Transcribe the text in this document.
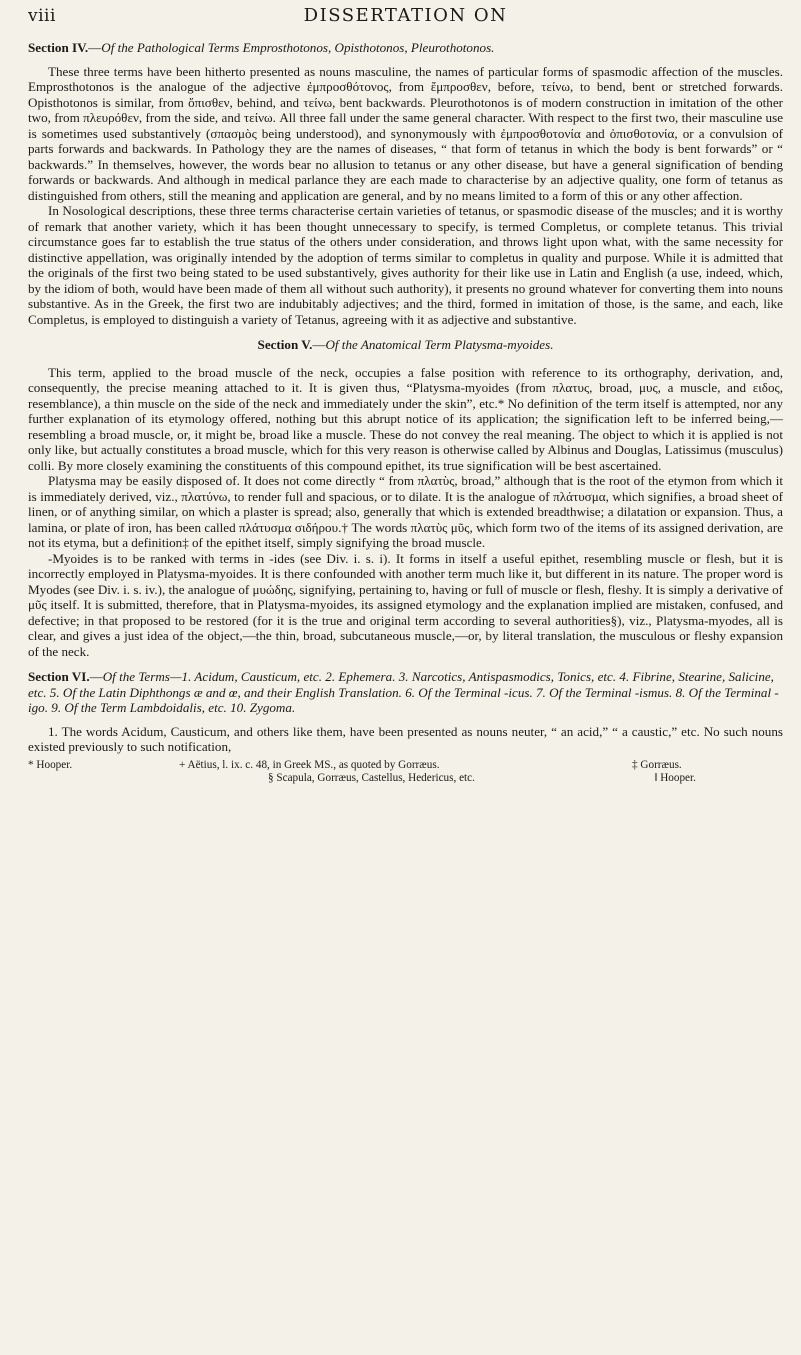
viii	DISSERTATION ON
Section IV.—Of the Pathological Terms Emprosthotonos, Opisthotonos, Pleurothotonos.

These three terms have been hitherto presented as nouns masculine, the names of particular forms of spasmodic affection of the muscles. Emprosthotonos is the analogue of the adjective ἐμπροσθότονος, from ἔμπροσθεν, before, τείνω, to bend, bent or stretched forwards. Opisthotonos is similar, from ὄπισθεν, behind, and τείνω, bent backwards. Pleurothotonos is of modern construction in imitation of the other two, from πλευρόθεν, from the side, and τείνω. All three fall under the same general character. With respect to the first two, their masculine use is sometimes used substantively (σπασμὸς being understood), and synonymously with ἐμπροσθοτονία and ὀπισθοτονία, or a convulsion of parts forwards and backwards. In Pathology they are the names of diseases, “ that form of tetanus in which the body is bent forwards” or “ backwards.” In themselves, however, the words bear no allusion to tetanus or any other disease, but have a general signification of bending forwards or backwards. And although in medical parlance they are each made to characterise by an adjective quality, one form of tetanus as distinguished from others, still the meaning and application are general, and by no means limited to a form of this or any other affection.

In Nosological descriptions, these three terms characterise certain varieties of tetanus, or spasmodic disease of the muscles; and it is worthy of remark that another variety, which it has been thought unnecessary to specify, is termed Completus, or complete tetanus. This trivial circumstance goes far to establish the true status of the others under consideration, and throws light upon what, with the same necessity for distinctive appellation, was originally intended by the adoption of terms similar to completus in quality and purpose. While it is admitted that the originals of the first two being stated to be used substantively, gives authority for their like use in Latin and English (a use, indeed, which, by the idiom of both, would have been made of them all without such authority), it presents no ground whatever for converting them into nouns substantive. As in the Greek, the first two are indubitably adjectives; and the third, formed in imitation of those, is the same, and each, like Completus, is employed to distinguish a variety of Tetanus, agreeing with it as adjective and substantive.

Section V.—Of the Anatomical Term Platysma-myoides.

This term, applied to the broad muscle of the neck, occupies a false position with reference to its orthography, derivation, and, consequently, the precise meaning attached to it. It is given thus, “Platysma-myoides (from πλατυς, broad, μυς, a muscle, and ειδος, resemblance), a thin muscle on the side of the neck and immediately under the skin”, etc.* No definition of the term itself is attempted, nor any further explanation of its etymology offered, nothing but this abrupt notice of its application; the signification left to be inferred being,—resembling a broad muscle, or, it might be, broad like a muscle. These do not convey the real meaning. The object to which it is applied is not only like, but actually constitutes a broad muscle, which for this very reason is otherwise called by Albinus and Douglas, Latissimus (musculus) colli. By more closely examining the constituents of this compound epithet, its true signification will be best ascertained.

Platysma may be easily disposed of. It does not come directly “ from πλατὺς, broad,” although that is the root of the etymon from which it is immediately derived, viz., πλατύνω, to render full and spacious, or to dilate. It is the analogue of πλάτυσμα, which signifies, a broad sheet of linen, or of anything similar, on which a plaster is spread; also, generally that which is extended breadthwise; a dilatation or expansion. Thus, a lamina, or plate of iron, has been called πλάτυσμα σιδήρου.† The words πλατὺς μῦς, which form two of the items of its assigned derivation, are not its etyma, but a definition‡ of the epithet itself, simply signifying the broad muscle.

-Myoides is to be ranked with terms in -ides (see Div. i. s. i). It forms in itself a useful epithet, resembling muscle or flesh, but it is incorrectly employed in Platysma-myoides. It is there confounded with another term much like it, but different in its nature. The proper word is Myodes (see Div. i. s. iv.), the analogue of μυώδης, signifying, pertaining to, having or full of muscle or flesh, fleshy. It is simply a derivative of μῦς itself. It is submitted, therefore, that in Platysma-myoides, its assigned etymology and the explanation implied are mistaken, confused, and defective; in that proposed to be restored (for it is the true and original term according to several authorities§), viz., Platysma-myodes, all is clear, and gives a just idea of the object,—the thin, broad, subcutaneous muscle,—or, by literal translation, the musculous or fleshy expansion of the neck.

Section VI.—Of the Terms—1. Acidum, Causticum, etc. 2. Ephemera. 3. Narcotics, Antispasmodics, Tonics, etc. 4. Fibrine, Stearine, Salicine, etc. 5. Of the Latin Diphthongs æ and œ, and their English Translation. 6. Of the Terminal -icus. 7. Of the Terminal -ismus. 8. Of the Terminal -igo. 9. Of the Term Lambdoidalis, etc. 10. Zygoma.

1. The words Acidum, Causticum, and others like them, have been presented as nouns neuter, “ an acid,” “ a caustic,” etc. No such nouns existed previously to such notification,

* Hooper.	+ Aëtius, l. ix. c. 48, in Greek MS., as quoted by Gorræus.	‡ Gorræus.
§ Scapula, Gorræus, Castellus, Hedericus, etc.	‖ Hooper.
